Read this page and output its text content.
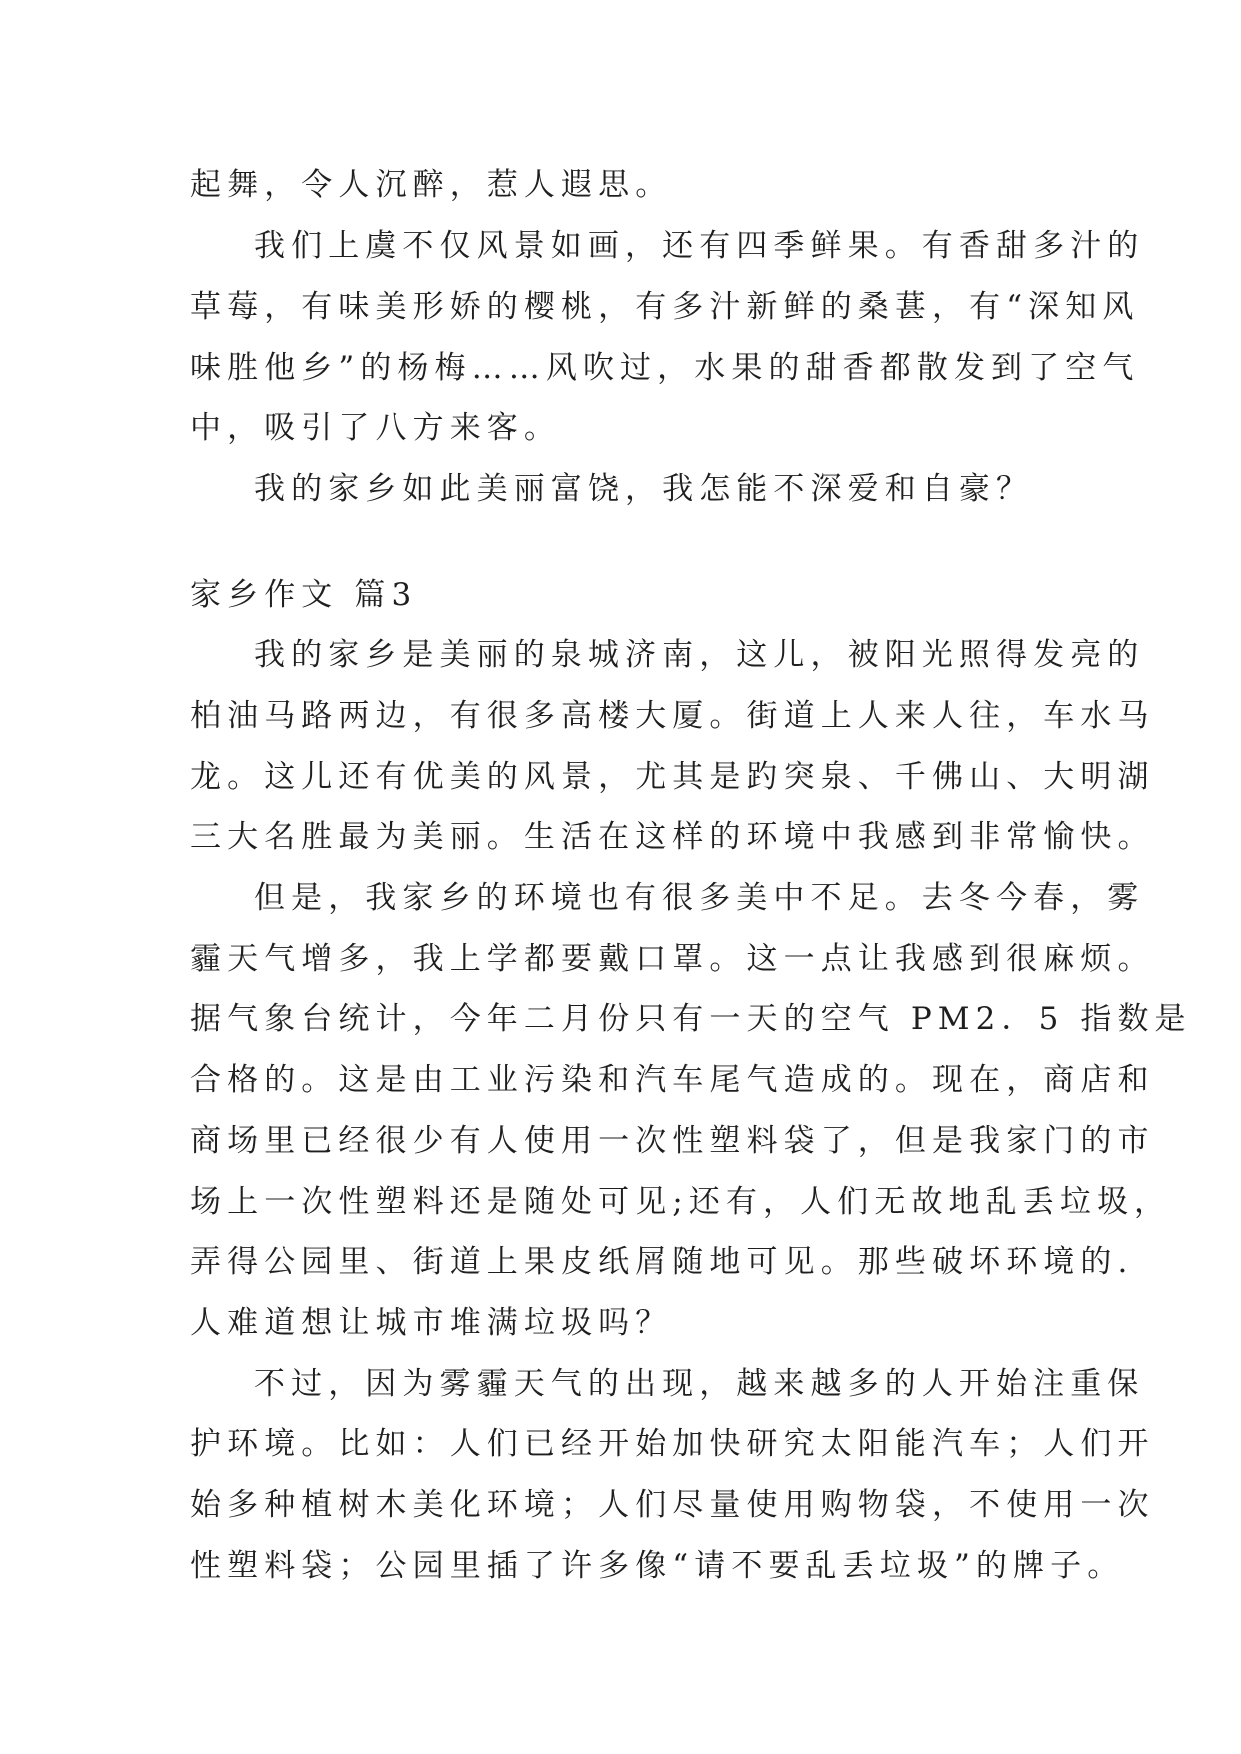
起舞，令人沉醉，惹人遐思。
我们上虞不仅风景如画，还有四季鲜果。有香甜多汁的
草莓，有味美形娇的樱桃，有多汁新鲜的桑葚，有“深知风
味胜他乡”的杨梅……风吹过，水果的甜香都散发到了空气
中，吸引了八方来客。
我的家乡如此美丽富饶，我怎能不深爱和自豪？
家乡作文 篇3
我的家乡是美丽的泉城济南，这儿，被阳光照得发亮的
柏油马路两边，有很多高楼大厦。街道上人来人往，车水马
龙。这儿还有优美的风景，尤其是趵突泉、千佛山、大明湖
三大名胜最为美丽。生活在这样的环境中我感到非常愉快。
但是，我家乡的环境也有很多美中不足。去冬今春，雾
霾天气增多，我上学都要戴口罩。这一点让我感到很麻烦。
据气象台统计，今年二月份只有一天的空气 PM2．5 指数是
合格的。这是由工业污染和汽车尾气造成的。现在，商店和
商场里已经很少有人使用一次性塑料袋了，但是我家门的市
场上一次性塑料还是随处可见;还有，人们无故地乱丢垃圾，
弄得公园里、街道上果皮纸屑随地可见。那些破坏环境的.
人难道想让城市堆满垃圾吗？
不过，因为雾霾天气的出现，越来越多的人开始注重保
护环境。比如：人们已经开始加快研究太阳能汽车；人们开
始多种植树木美化环境；人们尽量使用购物袋，不使用一次
性塑料袋；公园里插了许多像“请不要乱丢垃圾”的牌子。
